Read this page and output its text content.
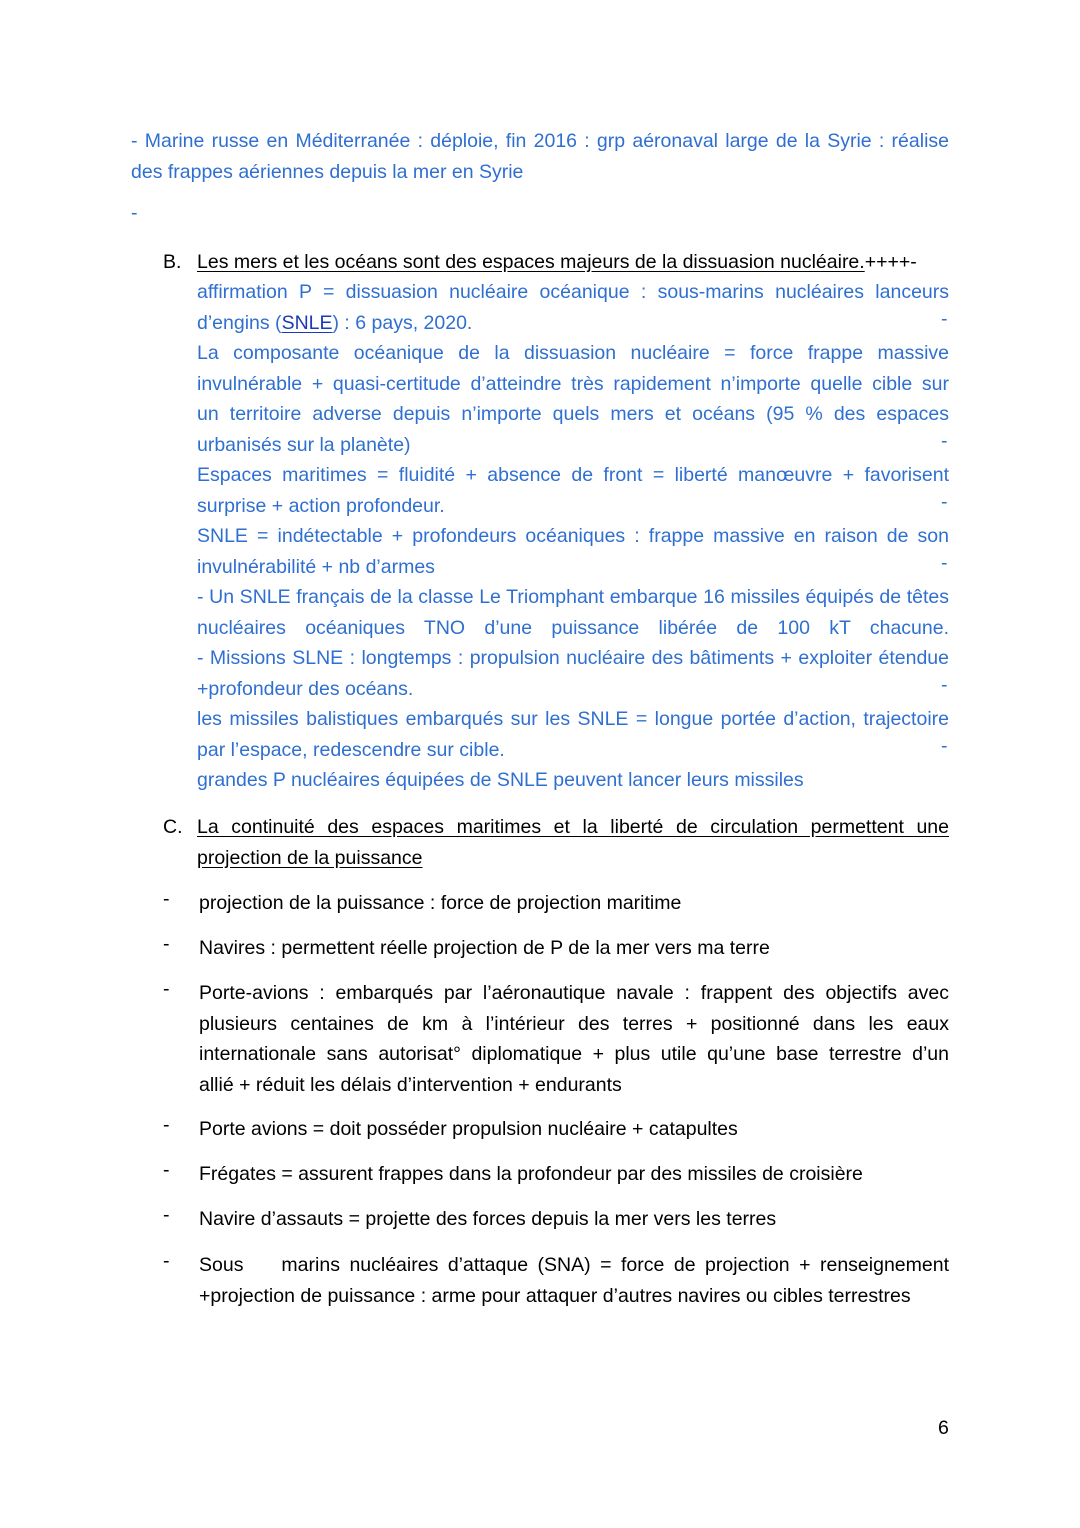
- Marine russe en Méditerranée : déploie, fin 2016 : grp aéronaval large de la Syrie : réalise
des frappes aériennes depuis la mer en Syrie
-
B. Les mers et les océans sont des espaces majeurs de la dissuasion nucléaire.++++-
affirmation P = dissuasion nucléaire océanique : sous-marins nucléaires lanceurs
d’engins (SNLE) : 6 pays, 2020.
La composante océanique de la dissuasion nucléaire = force frappe massive
invulnérable + quasi-certitude d’atteindre très rapidement n’importe quelle cible sur
un territoire adverse depuis n’importe quels mers et océans (95 % des espaces
urbanisés sur la planète)
Espaces maritimes = fluidité + absence de front = liberté manœuvre + favorisent
surprise + action profondeur.
SNLE = indétectable + profondeurs océaniques : frappe massive en raison de son
invulnérabilité + nb d’armes
- Un SNLE français de la classe Le Triomphant embarque 16 missiles équipés de têtes
nucléaires océaniques TNO d’une puissance libérée de 100 kT chacune.
- Missions SLNE : longtemps : propulsion nucléaire des bâtiments + exploiter étendue
+profondeur des océans.
les missiles balistiques embarqués sur les SNLE = longue portée d’action, trajectoire
par l’espace, redescendre sur cible.
grandes P nucléaires équipées de SNLE peuvent lancer leurs missiles
-
-
-
-
-
-
C. La continuité des espaces maritimes et la liberté de circulation permettent une
projection de la puissance
- projection de la puissance : force de projection maritime
- Navires : permettent réelle projection de P de la mer vers ma terre
- Porte-avions : embarqués par l’aéronautique navale : frappent des objectifs avec
plusieurs centaines de km à l’intérieur des terres + positionné dans les eaux
internationale sans autorisat° diplomatique + plus utile qu’une base terrestre d’un
allié + réduit les délais d’intervention + endurants
- Porte avions = doit posséder propulsion nucléaire + catapultes
- Frégates = assurent frappes dans la profondeur par des missiles de croisière
- Navire d’assauts = projette des forces depuis la mer vers les terres
- Sous    marins nucléaires d’attaque (SNA) = force de projection + renseignement
+projection de puissance : arme pour attaquer d’autres navires ou cibles terrestres
6
